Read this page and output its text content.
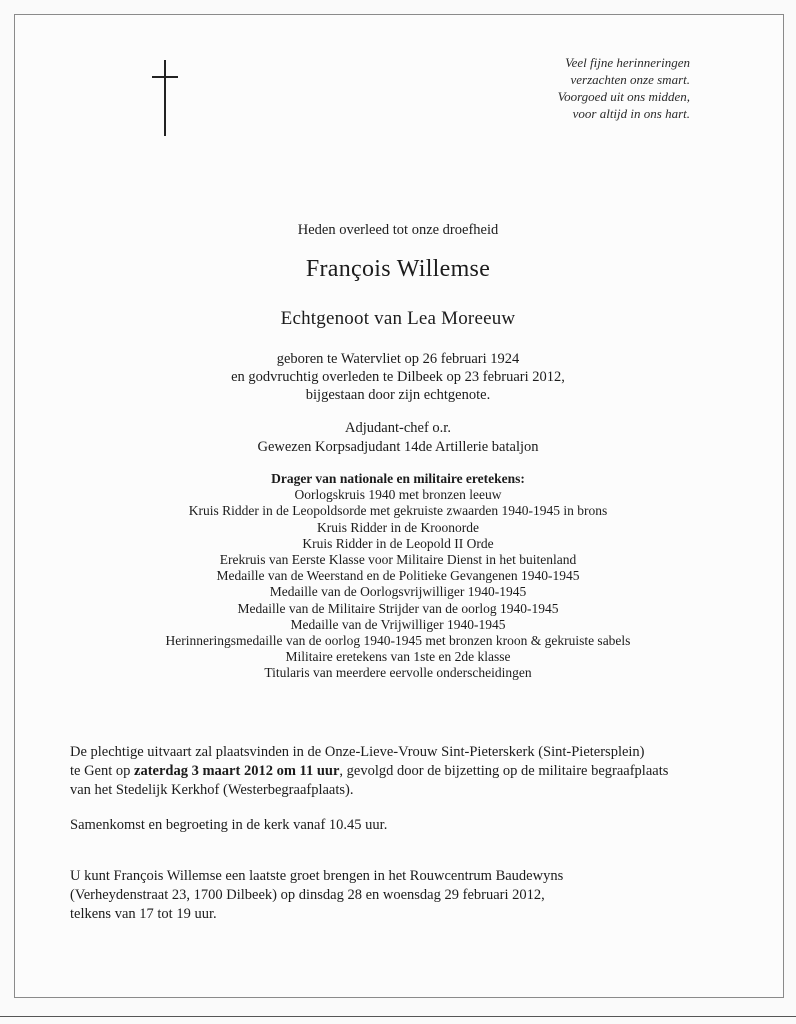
Veel fijne herinneringen
verzachten onze smart.
Voorgoed uit ons midden,
voor altijd in ons hart.
Heden overleed tot onze droefheid
François Willemse
Echtgenoot van Lea Moreeuw
geboren te Watervliet op 26 februari 1924
en godvruchtig overleden te Dilbeek op 23 februari 2012,
bijgestaan door zijn echtgenote.
Adjudant-chef o.r.
Gewezen Korpsadjudant 14de Artillerie bataljon
Drager van nationale en militaire eretekens:
Oorlogskruis 1940 met bronzen leeuw
Kruis Ridder in de Leopoldsorde met gekruiste zwaarden 1940-1945 in brons
Kruis Ridder in de Kroonorde
Kruis Ridder in de Leopold II Orde
Erekruis van Eerste Klasse voor Militaire Dienst in het buitenland
Medaille van de Weerstand en de Politieke Gevangenen 1940-1945
Medaille van de Oorlogsvrijwilliger 1940-1945
Medaille van de Militaire Strijder van de oorlog 1940-1945
Medaille van de Vrijwilliger 1940-1945
Herinneringsmedaille van de oorlog 1940-1945 met bronzen kroon & gekruiste sabels
Militaire eretekens van 1ste en 2de klasse
Titularis van meerdere eervolle onderscheidingen
De plechtige uitvaart zal plaatsvinden in de Onze-Lieve-Vrouw Sint-Pieterskerk (Sint-Pietersplein)
te Gent op zaterdag 3 maart 2012 om 11 uur, gevolgd door de bijzetting op de militaire begraafplaats
van het Stedelijk Kerkhof (Westerbegraafplaats).
Samenkomst en begroeting in de kerk vanaf 10.45 uur.
U kunt François Willemse een laatste groet brengen in het Rouwcentrum Baudewyns
(Verheydenstraat 23, 1700 Dilbeek) op dinsdag 28 en woensdag 29 februari 2012,
telkens van 17 tot 19 uur.
